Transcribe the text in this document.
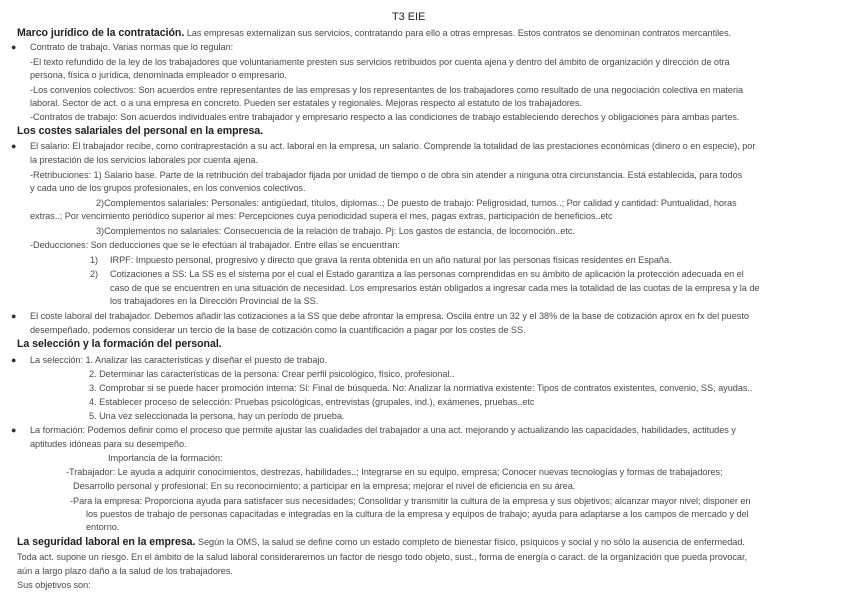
T3 EIE
Marco jurídico de la contratación. Las empresas externalizan sus servicios, contratando para ello a otras empresas. Estos contratos se denominan contratos mercantiles.
● Contrato de trabajo. Varias normas que lo regulan:
-El texto refundido de la ley de los trabajadores que voluntariamente presten sus servicios retribuidos por cuenta ajena y dentro del ámbito de organización y dirección de otra
persona, física o jurídica, denominada empleador o empresario.
-Los convenios colectivos: Son acuerdos entre representantes de las empresas y los representantes de los trabajadores como resultado de una negociación colectiva en materia
laboral. Sector de act. o a una empresa en concreto. Pueden ser estatales y regionales. Mejoras respecto al estatuto de los trabajadores.
-Contratos de trabajo: Son acuerdos individuales entre trabajador y empresario respecto a las condiciones de trabajo estableciendo derechos y obligaciones para ambas partes.
Los costes salariales del personal en la empresa.
● El salario: El trabajador recibe, como contraprestación a su act. laboral en la empresa, un salario. Comprende la totalidad de las prestaciones económicas (dinero o en especie), por
la prestación de los servicios laborales por cuenta ajena.
-Retribuciones: 1) Salario base. Parte de la retribución del trabajador fijada por unidad de tiempo o de obra sin atender a ninguna otra circunstancia. Está establecida, para todos
y cada uno de los grupos profesionales, en los convenios colectivos.
2)Complementos salariales: Personales: antigüedad, títulos, diplomas..; De puesto de trabajo: Peligrosidad, turnos..; Por calidad y cantidad: Puntualidad, horas
extras..; Por vencimiento periódico superior al mes: Percepciones cuya periodicidad supera el mes, pagas extras, participación de beneficios..etc
3)Complementos no salariales: Consecuencia de la relación de trabajo. Pj: Los gastos de estancia, de locomoción..etc.
-Deducciones: Son deducciones que se le efectúan al trabajador. Entre ellas se encuentran:
1) IRPF: Impuesto personal, progresivo y directo que grava la renta obtenida en un año natural por las personas físicas residentes en España.
2) Cotizaciones a SS: La SS es el sistema por el cual el Estado garantiza a las personas comprendidas en su ámbito de aplicación la protección adecuada en el
caso de que se encuentren en una situación de necesidad. Los empresarios están obligados a ingresar cada mes la totalidad de las cuotas de la empresa y la de
los trabajadores en la Dirección Provincial de la SS.
● El coste laboral del trabajador. Debemos añadir las cotizaciones a la SS que debe afrontar la empresa. Oscila entre un 32 y el 38% de la base de cotización aprox en fx del puesto
desempeñado, podemos considerar un tercio de la base de cotización como la cuantificación a pagar por los costes de SS.
La selección y la formación del personal.
● La selección: 1. Analizar las características y diseñar el puesto de trabajo.
2. Determinar las características de la persona: Crear perfil psicológico, físico, profesional..
3. Comprobar si se puede hacer promoción interna: Sí: Final de búsqueda. No: Analizar la normativa existente: Tipos de contratos existentes, convenio, SS, ayudas..
4. Establecer proceso de selección: Pruebas psicológicas, entrevistas (grupales, ind.), exámenes, pruebas..etc
5. Una vez seleccionada la persona, hay un período de prueba.
● La formación: Podemos definir como el proceso que permite ajustar las cualidades del trabajador a una act. mejorando y actualizando las capacidades, habilidades, actitudes y
aptitudes idóneas para su desempeño.
Importancia de la formación:
-Trabajador: Le ayuda a adquirir conocimientos, destrezas, habilidades..; Integrarse en su equipo, empresa; Conocer nuevas tecnologías y formas de trabajadores;
Desarrollo personal y profesional; En su reconocimiento; a participar en la empresa; mejorar el nivel de eficiencia en su área.
-Para la empresa: Proporciona ayuda para satisfacer sus necesidades; Consolidar y transmitir la cultura de la empresa y sus objetivos; alcanzar mayor nivel; disponer en
los puestos de trabajo de personas capacitadas e integradas en la cultura de la empresa y equipos de trabajo; ayuda para adaptarse a los campos de mercado y del
entorno.
La seguridad laboral en la empresa. Según la OMS, la salud se define como un estado completo de bienestar físico, psíquicos y social y no sólo la ausencia de enfermedad.
Toda act. supone un riesgo. En el ámbito de la salud laboral consideraremos un factor de riesgo todo objeto, sust., forma de energía o caract. de la organización que pueda provocar,
aún a largo plazo daño a la salud de los trabajadores.
Sus objetivos son:
